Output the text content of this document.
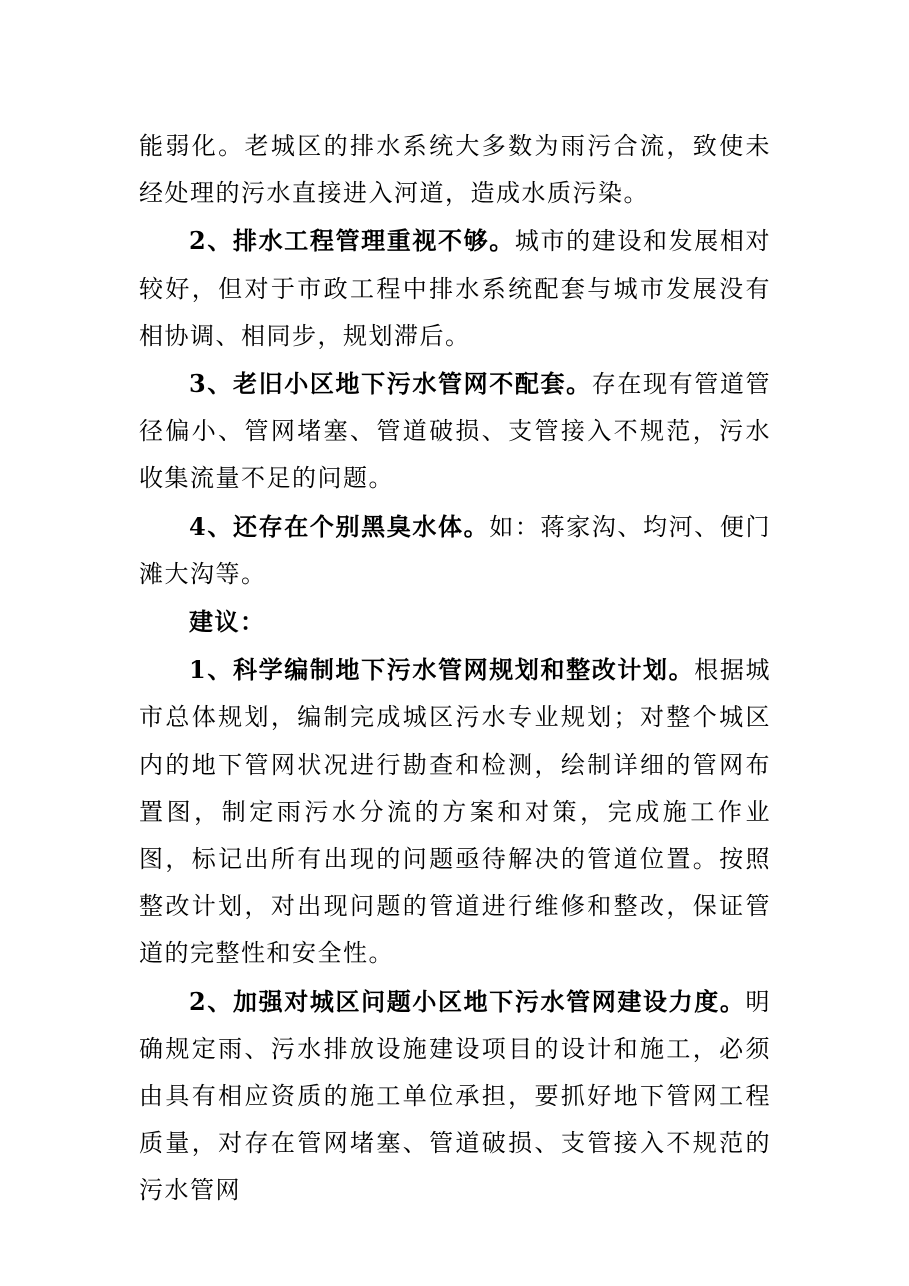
能弱化。老城区的排水系统大多数为雨污合流，致使未经处理的污水直接进入河道，造成水质污染。

2、排水工程管理重视不够。城市的建设和发展相对较好，但对于市政工程中排水系统配套与城市发展没有相协调、相同步，规划滞后。

3、老旧小区地下污水管网不配套。存在现有管道管径偏小、管网堵塞、管道破损、支管接入不规范，污水收集流量不足的问题。

4、还存在个别黑臭水体。如：蒋家沟、均河、便门滩大沟等。

建议：

1、科学编制地下污水管网规划和整改计划。根据城市总体规划，编制完成城区污水专业规划；对整个城区内的地下管网状况进行勘查和检测，绘制详细的管网布置图，制定雨污水分流的方案和对策，完成施工作业图，标记出所有出现的问题亟待解决的管道位置。按照整改计划，对出现问题的管道进行维修和整改，保证管道的完整性和安全性。

2、加强对城区问题小区地下污水管网建设力度。明确规定雨、污水排放设施建设项目的设计和施工，必须由具有相应资质的施工单位承担，要抓好地下管网工程质量，对存在管网堵塞、管道破损、支管接入不规范的污水管网
